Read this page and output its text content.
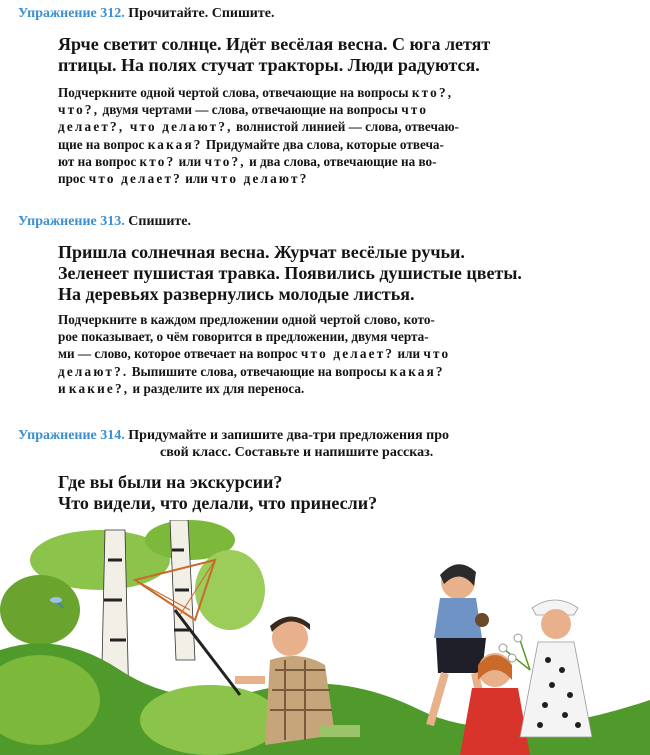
Упражнение 312. Прочитайте. Спишите.
Ярче светит солнце. Идёт весёлая весна. С юга летят
птицы. На полях стучат тракторы. Люди радуются.
Подчеркните одной чертой слова, отвечающие на вопросы кто?,
что?, двумя чертами — слова, отвечающие на вопросы что
делает?, что делают?, волнистой линией — слова, отвечаю-
щие на вопрос какая? Придумайте два слова, которые отвеча-
ют на вопрос кто? или что?, и два слова, отвечающие на во-
прос что делает? или что делают?
Упражнение 313. Спишите.
Пришла солнечная весна. Журчат весёлые ручьи.
Зеленеет пушистая травка. Появились душистые цветы.
На деревьях развернулись молодые листья.
Подчеркните в каждом предложении одной чертой слово, кото-
рое показывает, о чём говорится в предложении, двумя черта-
ми — слово, которое отвечает на вопрос что делает? или что
делают?. Выпишите слова, отвечающие на вопросы какая?
и какие?, и разделите их для переноса.
Упражнение 314. Придумайте и запишите два-три предложения про
свой класс. Составьте и напишите рассказ.
Где вы были на экскурсии?
Что видели, что делали, что принесли?
